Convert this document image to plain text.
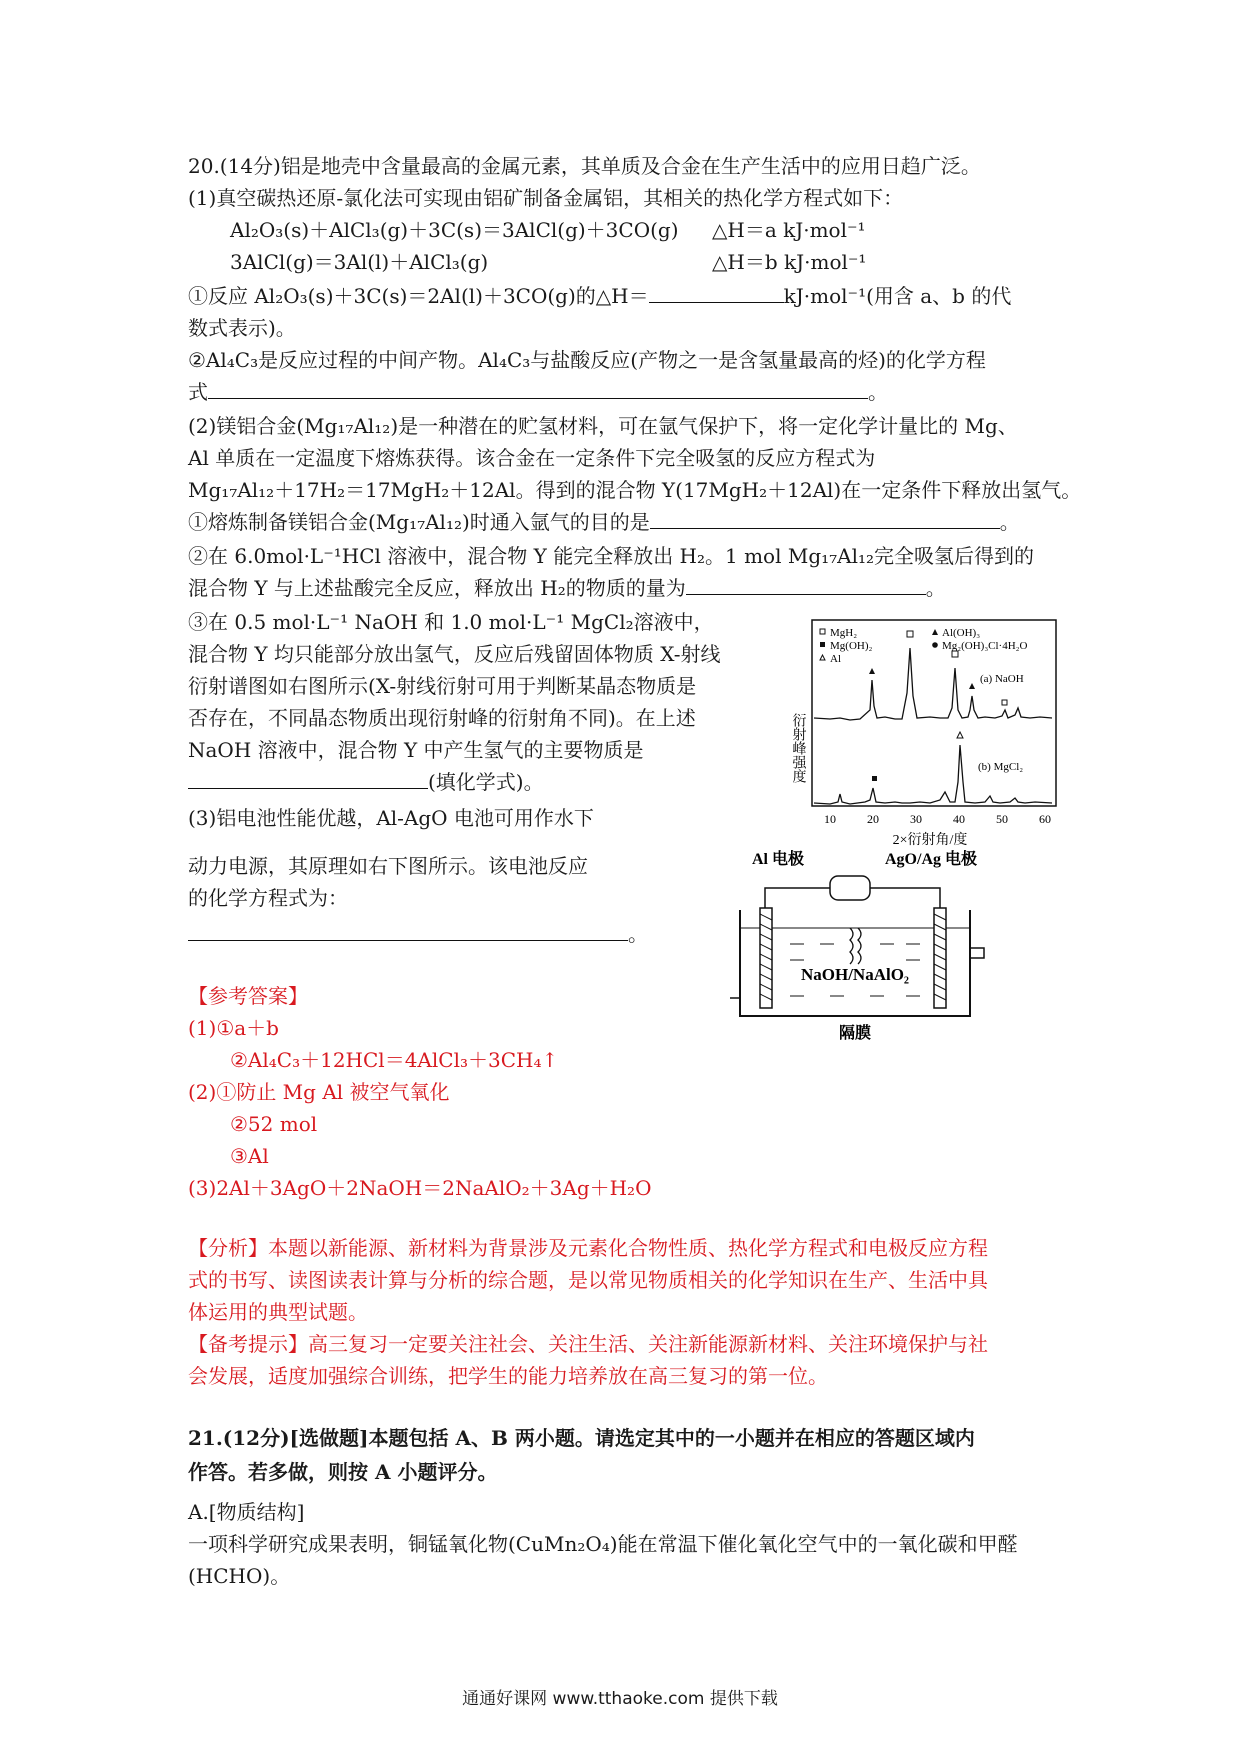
20.(14分)铝是地壳中含量最高的金属元素，其单质及合金在生产生活中的应用日趋广泛。
(1)真空碳热还原-氯化法可实现由铝矿制备金属铝，其相关的热化学方程式如下：
Al₂O₃(s)＋AlCl₃(g)＋3C(s)＝3AlCl(g)＋3CO(g) △H＝a kJ·mol⁻¹
3AlCl(g)＝3Al(l)＋AlCl₃(g)	△H＝b kJ·mol⁻¹
①反应 Al₂O₃(s)＋3C(s)＝2Al(l)＋3CO(g)的△H＝	kJ·mol⁻¹(用含 a、b 的代
数式表示)。
②Al₄C₃是反应过程的中间产物。Al₄C₃与盐酸反应(产物之一是含氢量最高的烃)的化学方程
式	。
(2)镁铝合金(Mg₁₇Al₁₂)是一种潜在的贮氢材料，可在氩气保护下，将一定化学计量比的 Mg、
Al 单质在一定温度下熔炼获得。该合金在一定条件下完全吸氢的反应方程式为
Mg₁₇Al₁₂＋17H₂＝17MgH₂＋12Al。得到的混合物 Y(17MgH₂＋12Al)在一定条件下释放出氢气。
①熔炼制备镁铝合金(Mg₁₇Al₁₂)时通入氩气的目的是	。
②在 6.0mol·L⁻¹HCl 溶液中，混合物 Y 能完全释放出 H₂。1 mol Mg₁₇Al₁₂完全吸氢后得到的
混合物 Y 与上述盐酸完全反应，释放出 H₂的物质的量为	。
③在 0.5 mol·L⁻¹ NaOH 和 1.0 mol·L⁻¹ MgCl₂溶液中，
混合物 Y 均只能部分放出氢气，反应后残留固体物质 X-射线
衍射谱图如右图所示(X-射线衍射可用于判断某晶态物质是
否存在，不同晶态物质出现衍射峰的衍射角不同)。在上述
NaOH 溶液中，混合物 Y 中产生氢气的主要物质是
(填化学式)。
(3)铝电池性能优越，Al-AgO 电池可用作水下
动力电源，其原理如右下图所示。该电池反应
的化学方程式为：
。
MgH₂	Al(OH)₃
Mg(OH)₂	Mg₂(OH)₃Cl·4H₂O
Al
(a) NaOH
(b) MgCl₂
衍射峰强度
10	20	30	40	50	60
2×衍射角/度
Al 电极	AgO/Ag 电极
NaOH/NaAlO₂
隔膜
【参考答案】
(1)①a＋b
②Al₄C₃＋12HCl＝4AlCl₃＋3CH₄↑
(2)①防止 Mg Al 被空气氧化
②52 mol
③Al
(3)2Al＋3AgO＋2NaOH＝2NaAlO₂＋3Ag＋H₂O
【分析】本题以新能源、新材料为背景涉及元素化合物性质、热化学方程式和电极反应方程
式的书写、读图读表计算与分析的综合题，是以常见物质相关的化学知识在生产、生活中具
体运用的典型试题。
【备考提示】高三复习一定要关注社会、关注生活、关注新能源新材料、关注环境保护与社
会发展，适度加强综合训练，把学生的能力培养放在高三复习的第一位。
21.(12分)[选做题]本题包括 A、B 两小题。请选定其中的一小题并在相应的答题区域内
作答。若多做，则按 A 小题评分。
A.[物质结构]
一项科学研究成果表明，铜锰氧化物(CuMn₂O₄)能在常温下催化氧化空气中的一氧化碳和甲醛
(HCHO)。
通通好课网 www.tthaoke.com 提供下载
